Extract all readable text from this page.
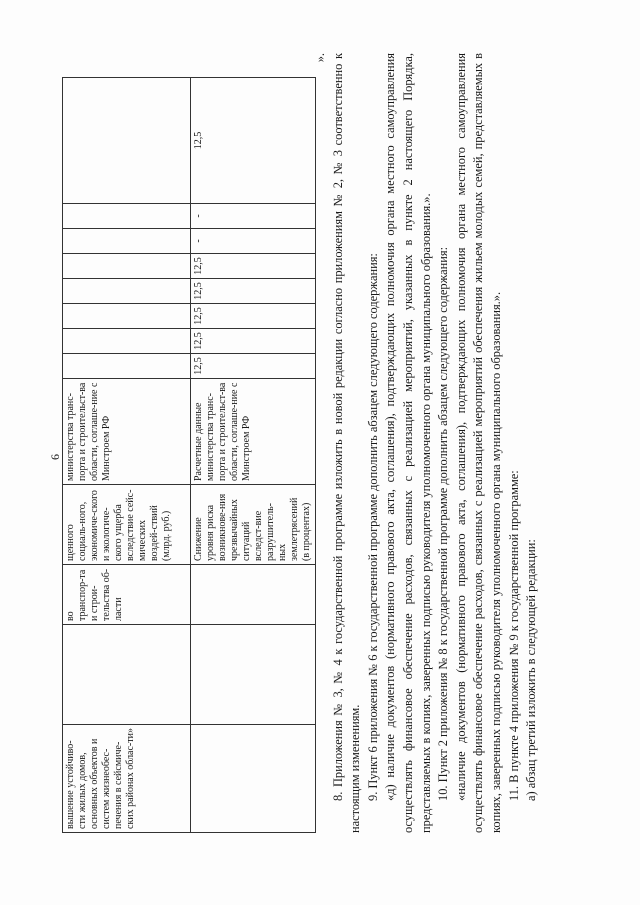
6
вышение устойчиво-сти жилых домов, основных объектов и систем жизнеобес-печения в сейсмиче-ских районах облас-ти»		во транспор-та и строи-тельства об-ласти	щенного социаль-ного, экономиче-ского и экологиче-ского ущерба вследствие сейс-мических воздей-ствий (млрд. руб.)	министерства транс-порта и строительст-ва области, соглаше-ние с Минстроем РФ								
			Снижение уровня риска возникнове-ния чрезвычайных ситуаций вследст-вие разрушитель-ных землетрясений (в процентах)	Расчетные данные министерства транс-порта и строительст-ва области, соглаше-ние с Минстроем РФ	12,5	12,5	12,5	12,5	12,5	-	-	12,5

». 8. Приложения № 3, № 4 к государственной программе изложить в новой редакции согласно приложениям № 2, № 3 соответственно к настоящим изменениям. 9. Пункт 6 приложения № 6 к государственной программе дополнить абзацем следующего содержания: «д) наличие документов (нормативного правового акта, соглашения), подтверждающих полномочия органа местного самоуправления осуществлять финансовое обеспечение расходов, связанных с реализацией мероприятий, указанных в пункте 2 настоящего Порядка, представляемых в копиях, заверенных подписью руководителя уполномоченного органа муниципального образования.». 10. Пункт 2 приложения № 8 к государственной программе дополнить абзацем следующего содержания: «наличие документов (нормативного правового акта, соглашения), подтверждающих полномочия органа местного самоуправления осуществлять финансовое обеспечение расходов, связанных с реализацией мероприятий обеспечения жильем молодых семей, представляемых в копиях, заверенных подписью руководителя уполномоченного органа муниципального образования.». 11. В пункте 4 приложения № 9 к государственной программе: а) абзац третий изложить в следующей редакции:
